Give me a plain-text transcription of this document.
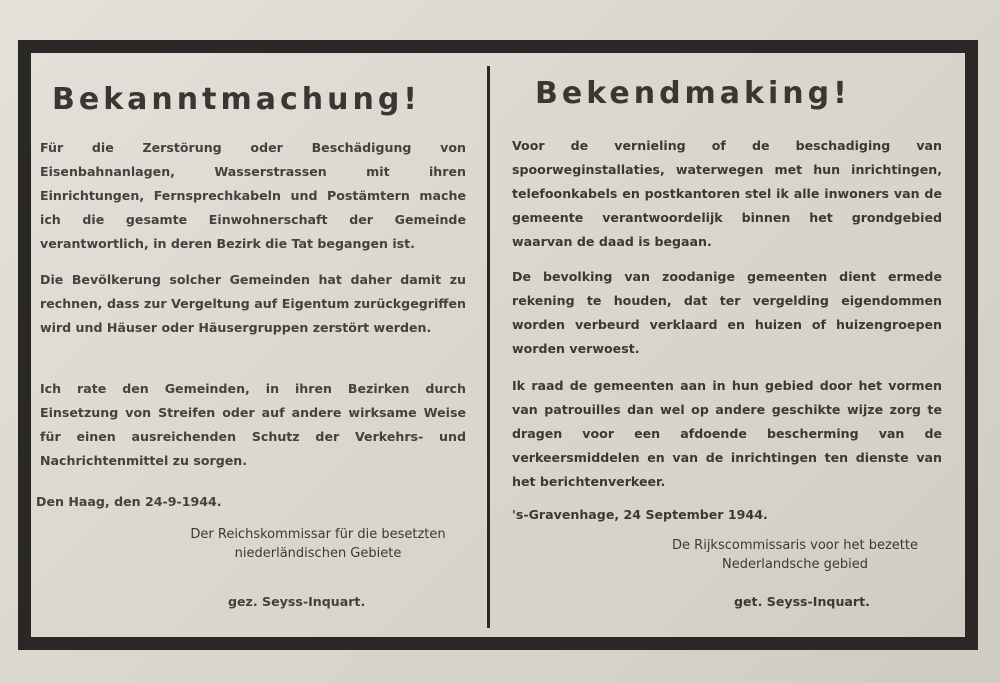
Bekanntmachung!
Für die Zerstörung oder Beschädigung von Eisenbahnanlagen, Wasserstrassen mit ihren Einrichtungen, Fernsprechkabeln und Postämtern mache ich die gesamte Einwohnerschaft der Gemeinde verantwortlich, in deren Bezirk die Tat begangen ist.
Die Bevölkerung solcher Gemeinden hat daher damit zu rechnen, dass zur Vergeltung auf Eigentum zurückgegriffen wird und Häuser oder Häusergruppen zerstört werden.
Ich rate den Gemeinden, in ihren Bezirken durch Einsetzung von Streifen oder auf andere wirksame Weise für einen ausreichenden Schutz der Verkehrs- und Nachrichtenmittel zu sorgen.
Den Haag, den 24-9-1944.
Der Reichskommissar für die besetzten
niederländischen Gebiete
gez. Seyss-Inquart.
Bekendmaking!
Voor de vernieling of de beschadiging van spoorweginstallaties, waterwegen met hun inrichtingen, telefoonkabels en postkantoren stel ik alle inwoners van de gemeente verantwoordelijk binnen het grondgebied waarvan de daad is begaan.
De bevolking van zoodanige gemeenten dient ermede rekening te houden, dat ter vergelding eigendommen worden verbeurd verklaard en huizen of huizengroepen worden verwoest.
Ik raad de gemeenten aan in hun gebied door het vormen van patrouilles dan wel op andere geschikte wijze zorg te dragen voor een afdoende bescherming van de verkeersmiddelen en van de inrichtingen ten dienste van het berichtenverkeer.
's-Gravenhage, 24 September 1944.
De Rijkscommissaris voor het bezette
Nederlandsche gebied
get. Seyss-Inquart.
